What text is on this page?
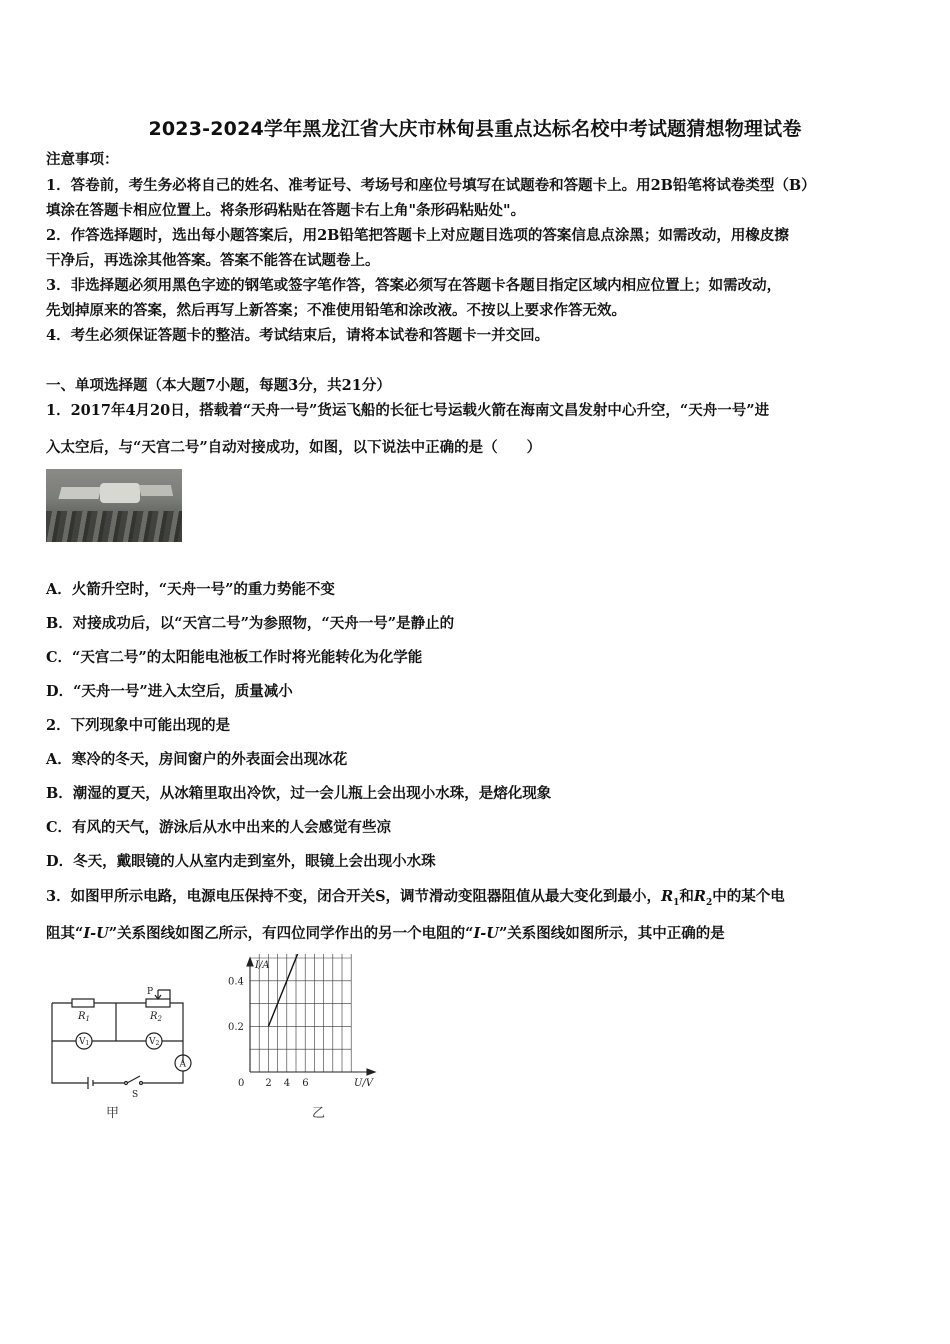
2023-2024学年黑龙江省大庆市林甸县重点达标名校中考试题猜想物理试卷
注意事项：
1．答卷前，考生务必将自己的姓名、准考证号、考场号和座位号填写在试题卷和答题卡上。用2B铅笔将试卷类型（B）
填涂在答题卡相应位置上。将条形码粘贴在答题卡右上角"条形码粘贴处"。
2．作答选择题时，选出每小题答案后，用2B铅笔把答题卡上对应题目选项的答案信息点涂黑；如需改动，用橡皮擦
干净后，再选涂其他答案。答案不能答在试题卷上。
3．非选择题必须用黑色字迹的钢笔或签字笔作答，答案必须写在答题卡各题目指定区域内相应位置上；如需改动，
先划掉原来的答案，然后再写上新答案；不准使用铅笔和涂改液。不按以上要求作答无效。
4．考生必须保证答题卡的整洁。考试结束后，请将本试卷和答题卡一并交回。
一、单项选择题（本大题7小题，每题3分，共21分）
1．2017年4月20日，搭载着“天舟一号”货运飞船的长征七号运载火箭在海南文昌发射中心升空，“天舟一号”进
入太空后，与“天宫二号”自动对接成功，如图，以下说法中正确的是（　　）
A．火箭升空时，“天舟一号”的重力势能不变
B．对接成功后，以“天宫二号”为参照物，“天舟一号”是静止的
C．“天宫二号”的太阳能电池板工作时将光能转化为化学能
D．“天舟一号”进入太空后，质量减小
2．下列现象中可能出现的是
A．寒冷的冬天，房间窗户的外表面会出现冰花
B．潮湿的夏天，从冰箱里取出冷饮，过一会儿瓶上会出现小水珠，是熔化现象
C．有风的天气，游泳后从水中出来的人会感觉有些凉
D．冬天，戴眼镜的人从室内走到室外，眼镜上会出现小水珠
3．如图甲所示电路，电源电压保持不变，闭合开关S，调节滑动变阻器阻值从最大变化到最小，$R_1$和$R_2$中的某个电
阻其“I-U”关系图线如图乙所示，有四位同学作出的另一个电阻的“I-U”关系图线如图所示，其中正确的是
$R_1$	$R_2$
P
V1	V2
A
S
甲
2 4 6
0.2
0.4
0	U/V
I/A
乙
